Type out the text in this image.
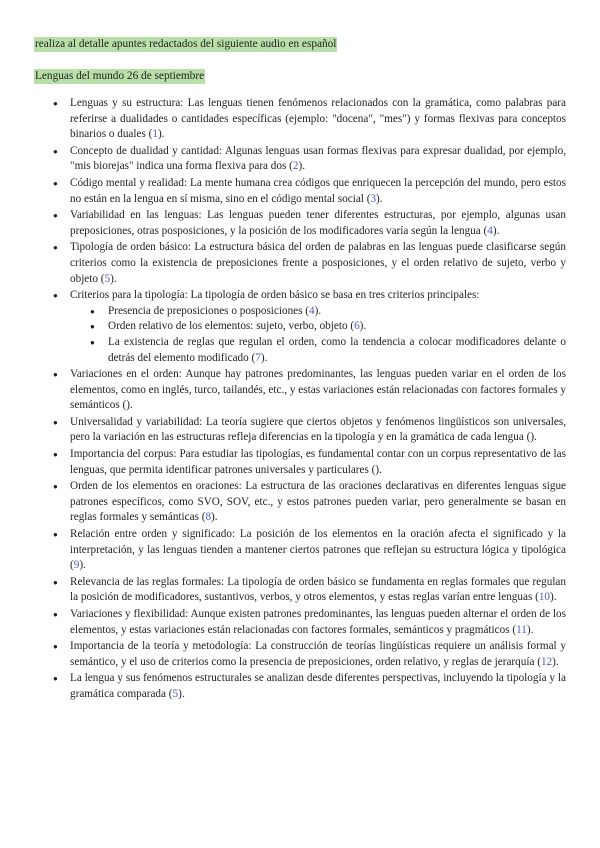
realiza al detalle apuntes redactados del siguiente audio en español
Lenguas del mundo 26 de septiembre
● Lenguas y su estructura: Las lenguas tienen fenómenos relacionados con la gramática, como palabras para referirse a dualidades o cantidades específicas (ejemplo: "docena", "mes") y formas flexivas para conceptos binarios o duales (1).
● Concepto de dualidad y cantidad: Algunas lenguas usan formas flexivas para expresar dualidad, por ejemplo, "mis biorejas" indica una forma flexiva para dos (2).
● Código mental y realidad: La mente humana crea códigos que enriquecen la percepción del mundo, pero estos no están en la lengua en sí misma, sino en el código mental social (3).
● Variabilidad en las lenguas: Las lenguas pueden tener diferentes estructuras, por ejemplo, algunas usan preposiciones, otras posposiciones, y la posición de los modificadores varía según la lengua (4).
● Tipología de orden básico: La estructura básica del orden de palabras en las lenguas puede clasificarse según criterios como la existencia de preposiciones frente a posposiciones, y el orden relativo de sujeto, verbo y objeto (5).
● Criterios para la tipología: La tipología de orden básico se basa en tres criterios principales:
● Presencia de preposiciones o posposiciones (4).
● Orden relativo de los elementos: sujeto, verbo, objeto (6).
● La existencia de reglas que regulan el orden, como la tendencia a colocar modificadores delante o detrás del elemento modificado (7).
● Variaciones en el orden: Aunque hay patrones predominantes, las lenguas pueden variar en el orden de los elementos, como en inglés, turco, tailandés, etc., y estas variaciones están relacionadas con factores formales y semánticos ().
● Universalidad y variabilidad: La teoría sugiere que ciertos objetos y fenómenos lingüísticos son universales, pero la variación en las estructuras refleja diferencias en la tipología y en la gramática de cada lengua ().
● Importancia del corpus: Para estudiar las tipologías, es fundamental contar con un corpus representativo de las lenguas, que permita identificar patrones universales y particulares ().
● Orden de los elementos en oraciones: La estructura de las oraciones declarativas en diferentes lenguas sigue patrones específicos, como SVO, SOV, etc., y estos patrones pueden variar, pero generalmente se basan en reglas formales y semánticas (8).
● Relación entre orden y significado: La posición de los elementos en la oración afecta el significado y la interpretación, y las lenguas tienden a mantener ciertos patrones que reflejan su estructura lógica y tipológica (9).
● Relevancia de las reglas formales: La tipología de orden básico se fundamenta en reglas formales que regulan la posición de modificadores, sustantivos, verbos, y otros elementos, y estas reglas varían entre lenguas (10).
● Variaciones y flexibilidad: Aunque existen patrones predominantes, las lenguas pueden alternar el orden de los elementos, y estas variaciones están relacionadas con factores formales, semánticos y pragmáticos (11).
● Importancia de la teoría y metodología: La construcción de teorías lingüísticas requiere un análisis formal y semántico, y el uso de criterios como la presencia de preposiciones, orden relativo, y reglas de jerarquía (12).
● La lengua y sus fenómenos estructurales se analizan desde diferentes perspectivas, incluyendo la tipología y la gramática comparada (5).
